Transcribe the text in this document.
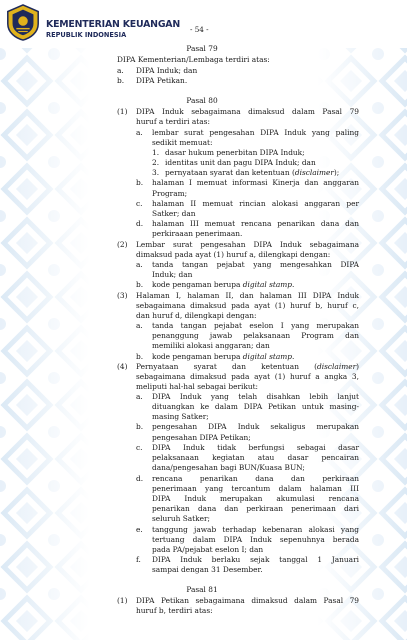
KEMENTERIAN KEUANGAN
REPUBLIK INDONESIA
- 54 -
Pasal 79
DIPA Kementerian/Lembaga terdiri atas:
a. DIPA Induk; dan
b. DIPA Petikan.
Pasal 80
(1) DIPA Induk sebagaimana dimaksud dalam Pasal 79
huruf a terdiri atas:
a. lembar surat pengesahan DIPA Induk yang paling
sedikit memuat:
1. dasar hukum penerbitan DIPA Induk;
2. identitas unit dan pagu DIPA Induk; dan
3. pernyataan syarat dan ketentuan (disclaimer);
b. halaman I memuat informasi Kinerja dan anggaran
Program;
c. halaman II memuat rincian alokasi anggaran per
Satker; dan
d. halaman III memuat rencana penarikan dana dan
perkiraaan penerimaan.
(2) Lembar surat pengesahan DIPA Induk sebagaimana
dimaksud pada ayat (1) huruf a, dilengkapi dengan:
a. tanda tangan pejabat yang mengesahkan DIPA
Induk; dan
b. kode pengaman berupa digital stamp.
(3) Halaman I, halaman II, dan halaman III DIPA Induk
sebagaimana dimaksud pada ayat (1) huruf b, huruf c,
dan huruf d, dilengkapi dengan:
a. tanda tangan pejabat eselon I yang merupakan
penanggung jawab pelaksanaan Program dan
memiliki alokasi anggaran; dan
b. kode pengaman berupa digital stamp.
(4) Pernyataan syarat dan ketentuan (disclaimer)
sebagaimana dimaksud pada ayat (1) huruf a angka 3,
meliputi hal-hal sebagai berikut:
a. DIPA Induk yang telah disahkan lebih lanjut
dituangkan ke dalam DIPA Petikan untuk masing-
masing Satker;
b. pengesahan DIPA Induk sekaligus merupakan
pengesahan DIPA Petikan;
c. DIPA Induk tidak berfungsi sebagai dasar
pelaksanaan kegiatan atau dasar pencairan
dana/pengesahan bagi BUN/Kuasa BUN;
d. rencana penarikan dana dan perkiraan
penerimaan yang tercantum dalam halaman III
DIPA Induk merupakan akumulasi rencana
penarikan dana dan perkiraan penerimaan dari
seluruh Satker;
e. tanggung jawab terhadap kebenaran alokasi yang
tertuang dalam DIPA Induk sepenuhnya berada
pada PA/pejabat eselon I; dan
f. DIPA Induk berlaku sejak tanggal 1 Januari
sampai dengan 31 Desember.
Pasal 81
(1) DIPA Petikan sebagaimana dimaksud dalam Pasal 79
huruf b, terdiri atas:
